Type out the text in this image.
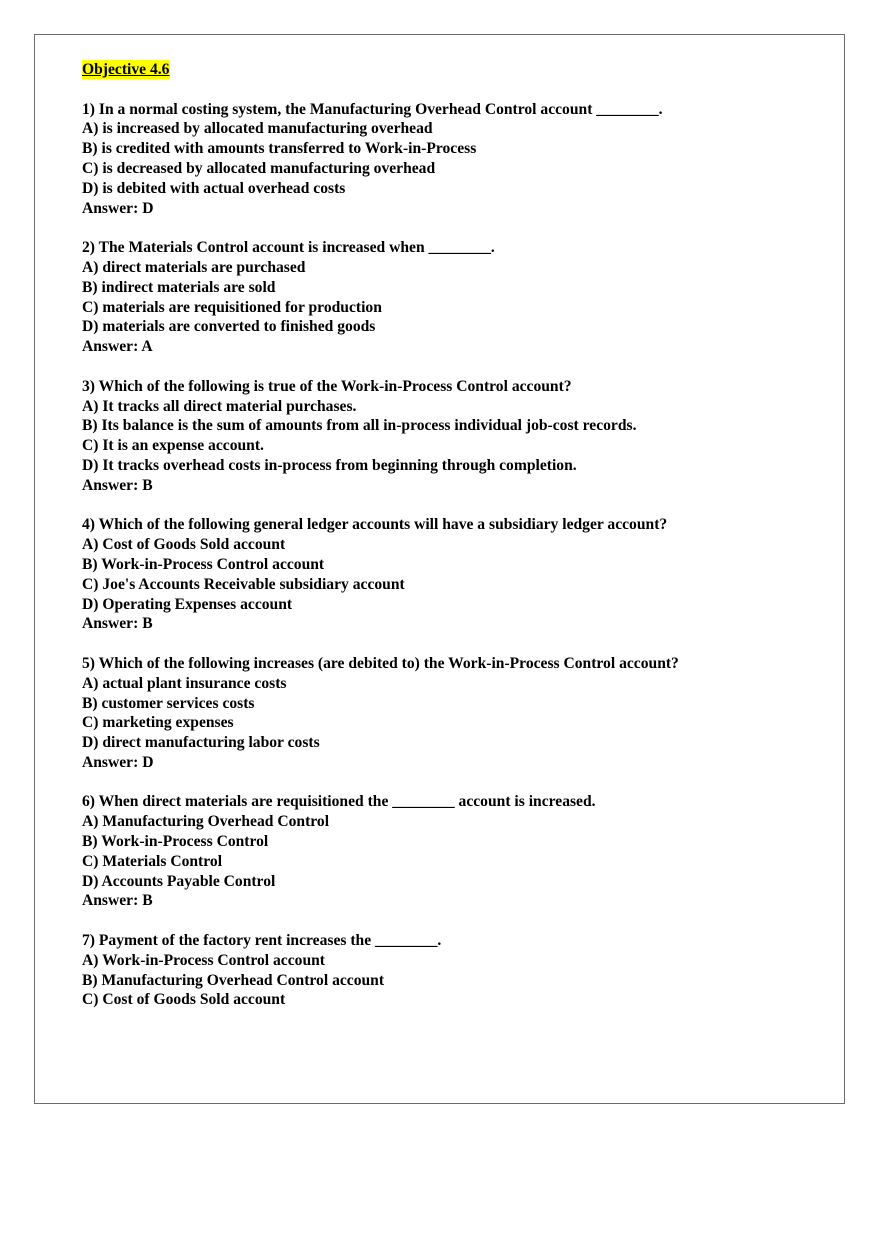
Objective 4.6
1) In a normal costing system, the Manufacturing Overhead Control account ________.
A) is increased by allocated manufacturing overhead
B) is credited with amounts transferred to Work-in-Process
C) is decreased by allocated manufacturing overhead
D) is debited with actual overhead costs
Answer: D
2) The Materials Control account is increased when ________.
A) direct materials are purchased
B) indirect materials are sold
C) materials are requisitioned for production
D) materials are converted to finished goods
Answer: A
3) Which of the following is true of the Work-in-Process Control account?
A) It tracks all direct material purchases.
B) Its balance is the sum of amounts from all in-process individual job-cost records.
C) It is an expense account.
D) It tracks overhead costs in-process from beginning through completion.
Answer: B
4) Which of the following general ledger accounts will have a subsidiary ledger account?
A) Cost of Goods Sold account
B) Work-in-Process Control account
C) Joe's Accounts Receivable subsidiary account
D) Operating Expenses account
Answer: B
5) Which of the following increases (are debited to) the Work-in-Process Control account?
A) actual plant insurance costs
B) customer services costs
C) marketing expenses
D) direct manufacturing labor costs
Answer: D
6) When direct materials are requisitioned the ________ account is increased.
A) Manufacturing Overhead Control
B) Work-in-Process Control
C) Materials Control
D) Accounts Payable Control
Answer: B
7) Payment of the factory rent increases the ________.
A) Work-in-Process Control account
B) Manufacturing Overhead Control account
C) Cost of Goods Sold account
